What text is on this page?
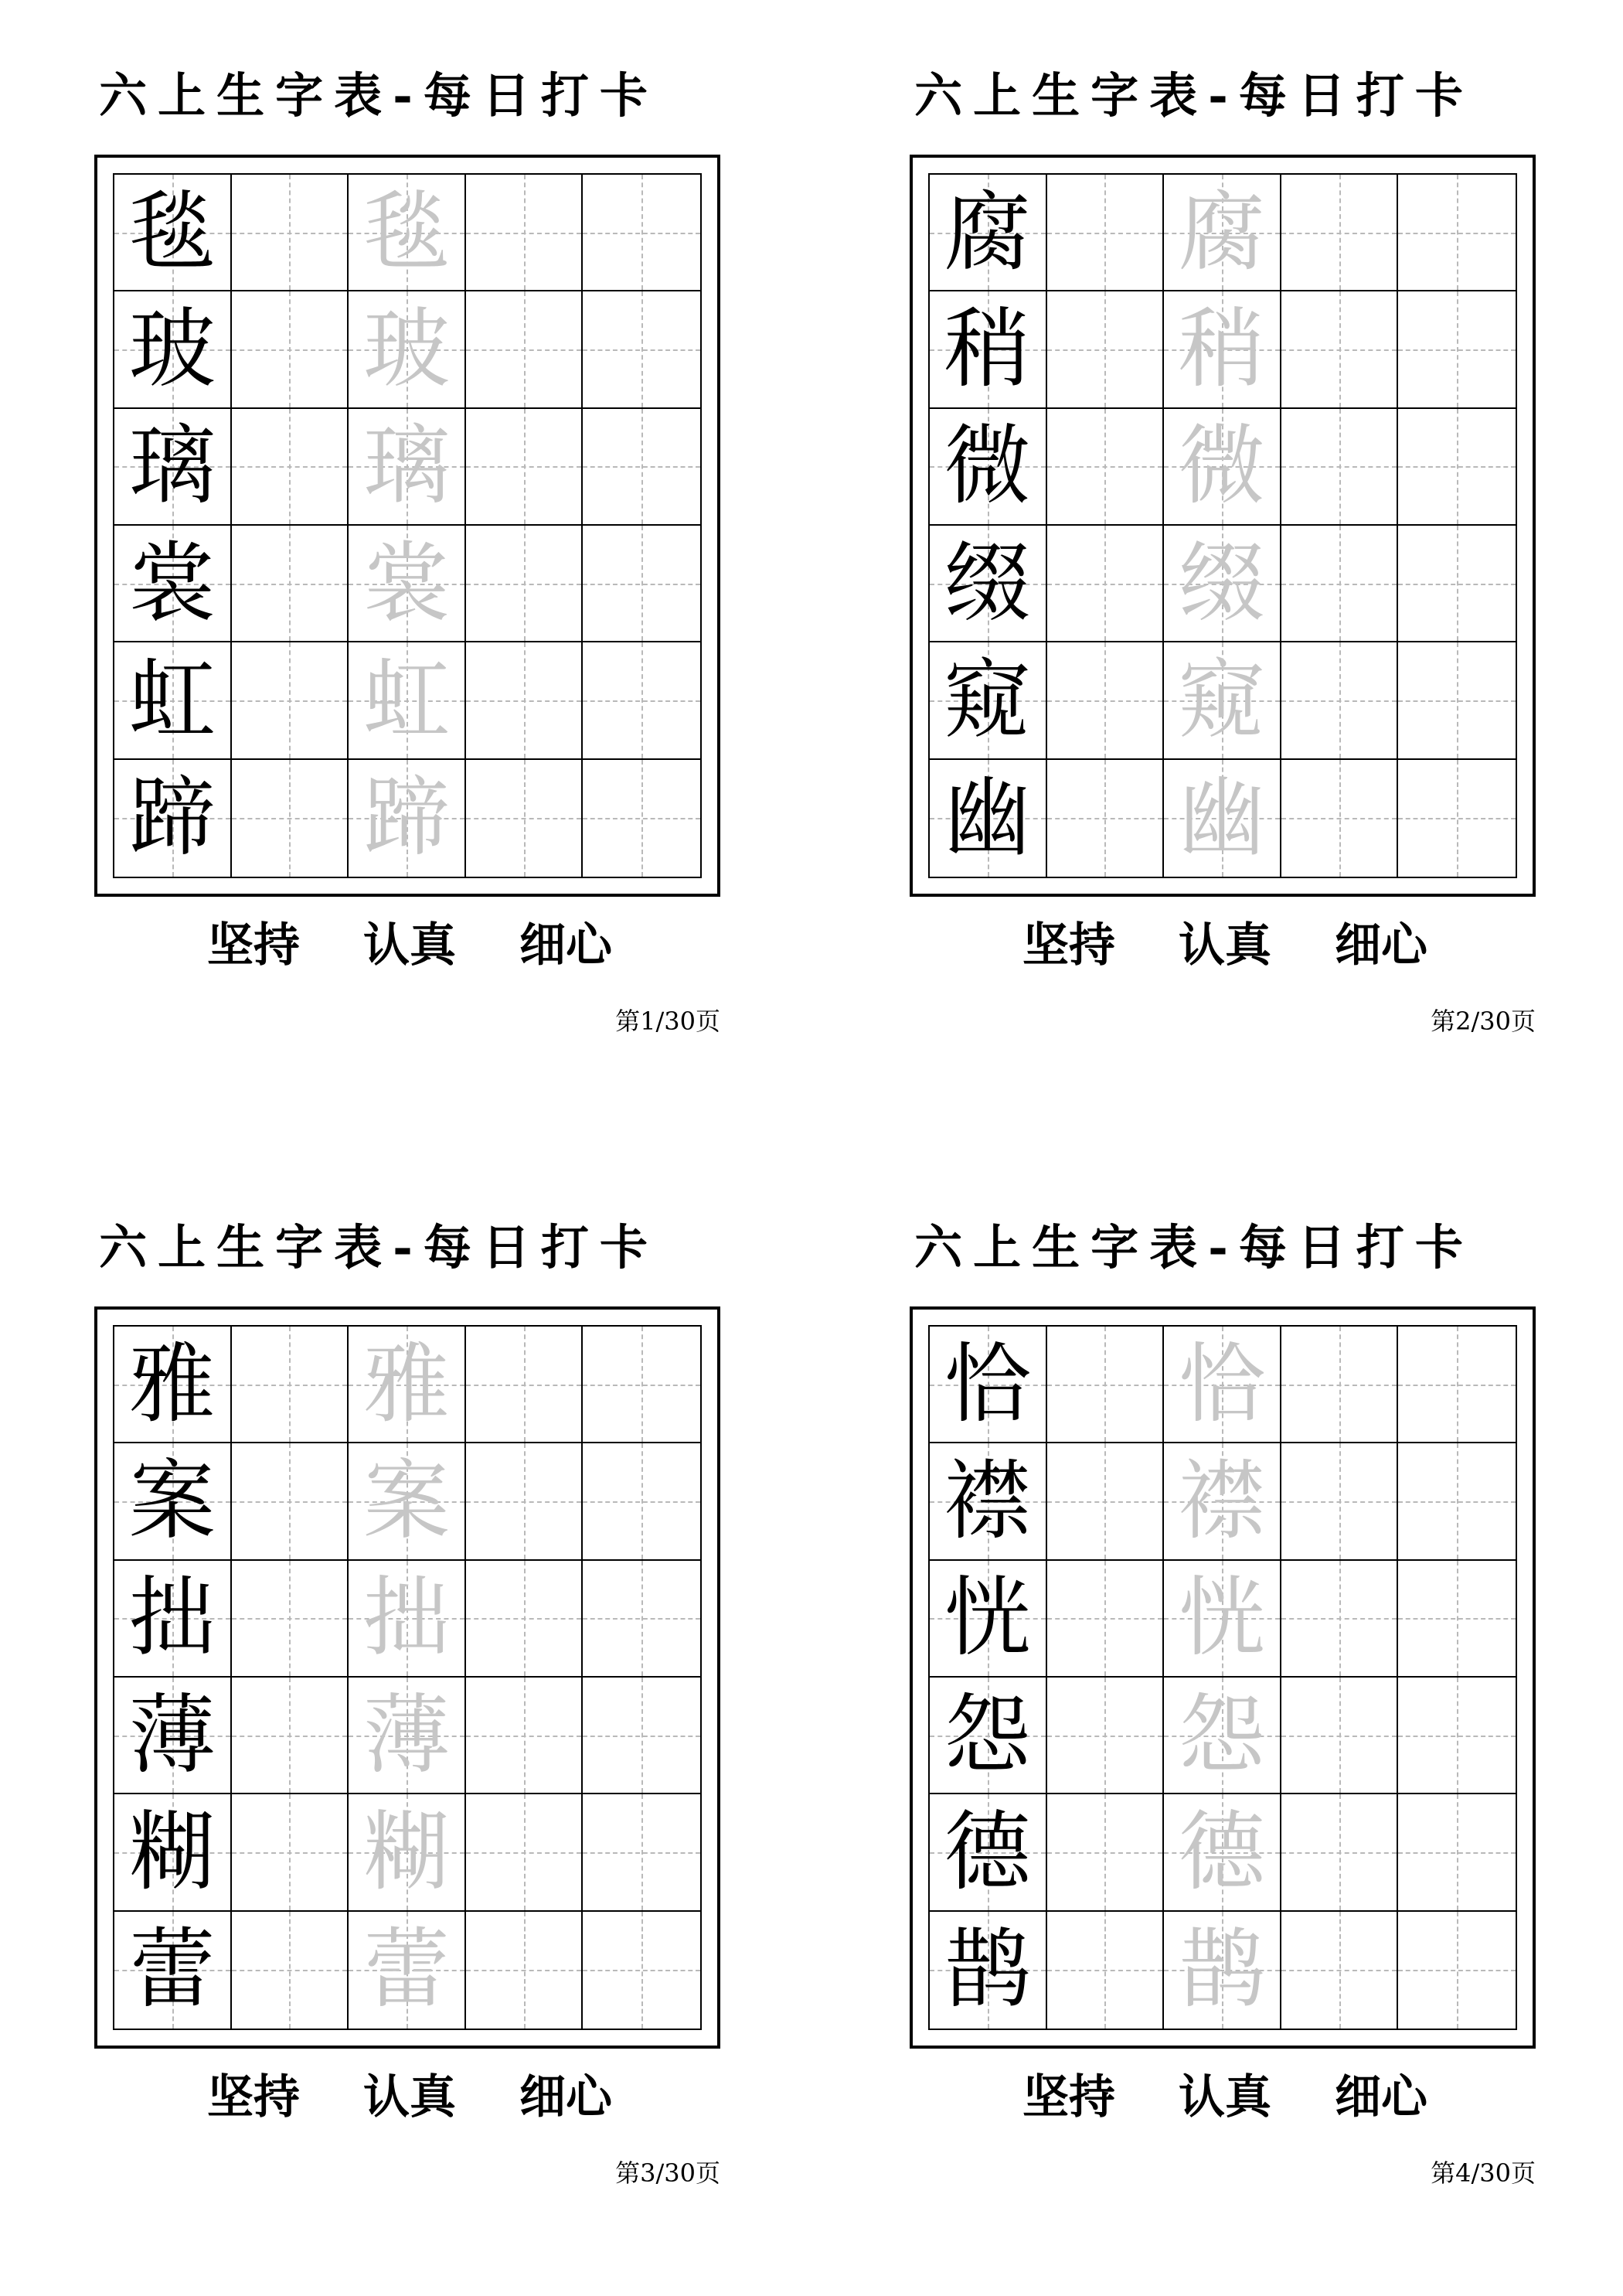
六上生字表-每日打卡
毯 毯
玻 玻
璃 璃
裳 裳
虹 虹
蹄 蹄
坚持 认真 细心
第1/30页
六上生字表-每日打卡
腐 腐
稍 稍
微 微
缀 缀
窥 窥
幽 幽
坚持 认真 细心
第2/30页
六上生字表-每日打卡
雅 雅
案 案
拙 拙
薄 薄
糊 糊
蕾 蕾
坚持 认真 细心
第3/30页
六上生字表-每日打卡
恰 恰
襟 襟
恍 恍
怨 怨
德 德
鹊 鹊
坚持 认真 细心
第4/30页
